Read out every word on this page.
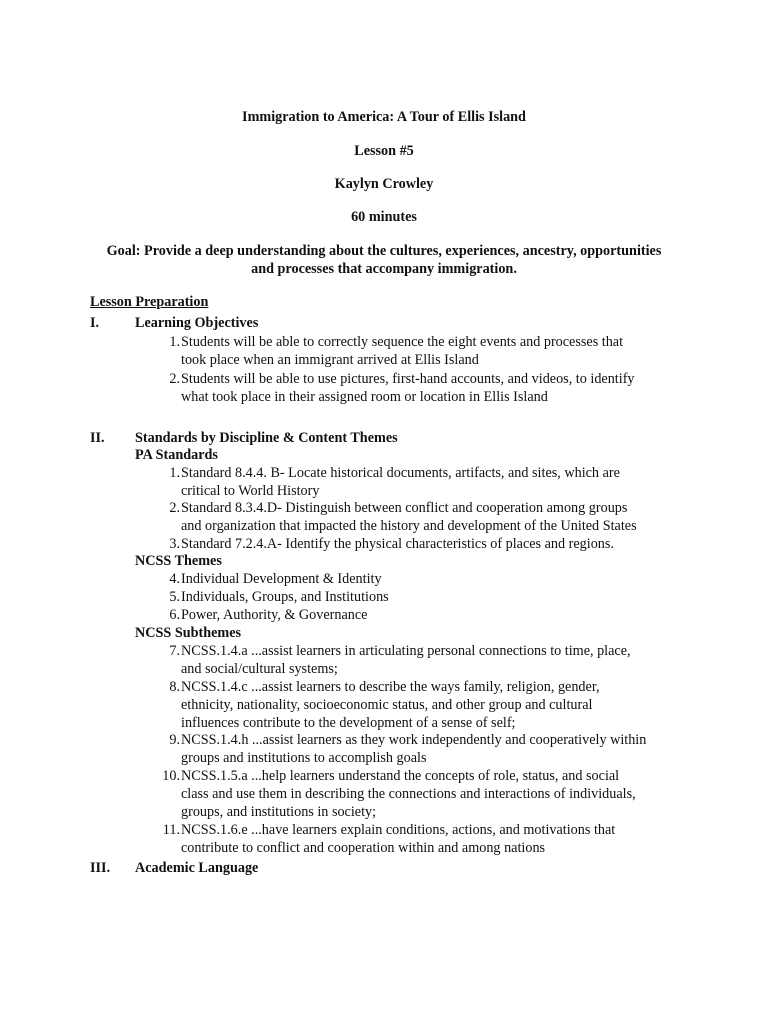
Immigration to America: A Tour of Ellis Island
Lesson #5
Kaylyn Crowley
60 minutes
Goal: Provide a deep understanding about the cultures, experiences, ancestry, opportunities and processes that accompany immigration.
Lesson Preparation
I.	Learning Objectives
1. Students will be able to correctly sequence the eight events and processes that
took place when an immigrant arrived at Ellis Island
2. Students will be able to use pictures, first-hand accounts, and videos, to identify
what took place in their assigned room or location in Ellis Island
II.	Standards by Discipline & Content Themes
PA Standards
1. Standard 8.4.4. B- Locate historical documents, artifacts, and sites, which are
critical to World History
2. Standard 8.3.4.D- Distinguish between conflict and cooperation among groups
and organization that impacted the history and development of the United States
3. Standard 7.2.4.A- Identify the physical characteristics of places and regions.
NCSS Themes
4. Individual Development & Identity
5. Individuals, Groups, and Institutions
6. Power, Authority, & Governance
NCSS Subthemes
7. NCSS.1.4.a ...assist learners in articulating personal connections to time, place,
and social/cultural systems;
8. NCSS.1.4.c ...assist learners to describe the ways family, religion, gender,
ethnicity, nationality, socioeconomic status, and other group and cultural
influences contribute to the development of a sense of self;
9. NCSS.1.4.h ...assist learners as they work independently and cooperatively within
groups and institutions to accomplish goals
10. NCSS.1.5.a ...help learners understand the concepts of role, status, and social
class and use them in describing the connections and interactions of individuals,
groups, and institutions in society;
11. NCSS.1.6.e ...have learners explain conditions, actions, and motivations that
contribute to conflict and cooperation within and among nations
III.	Academic Language
